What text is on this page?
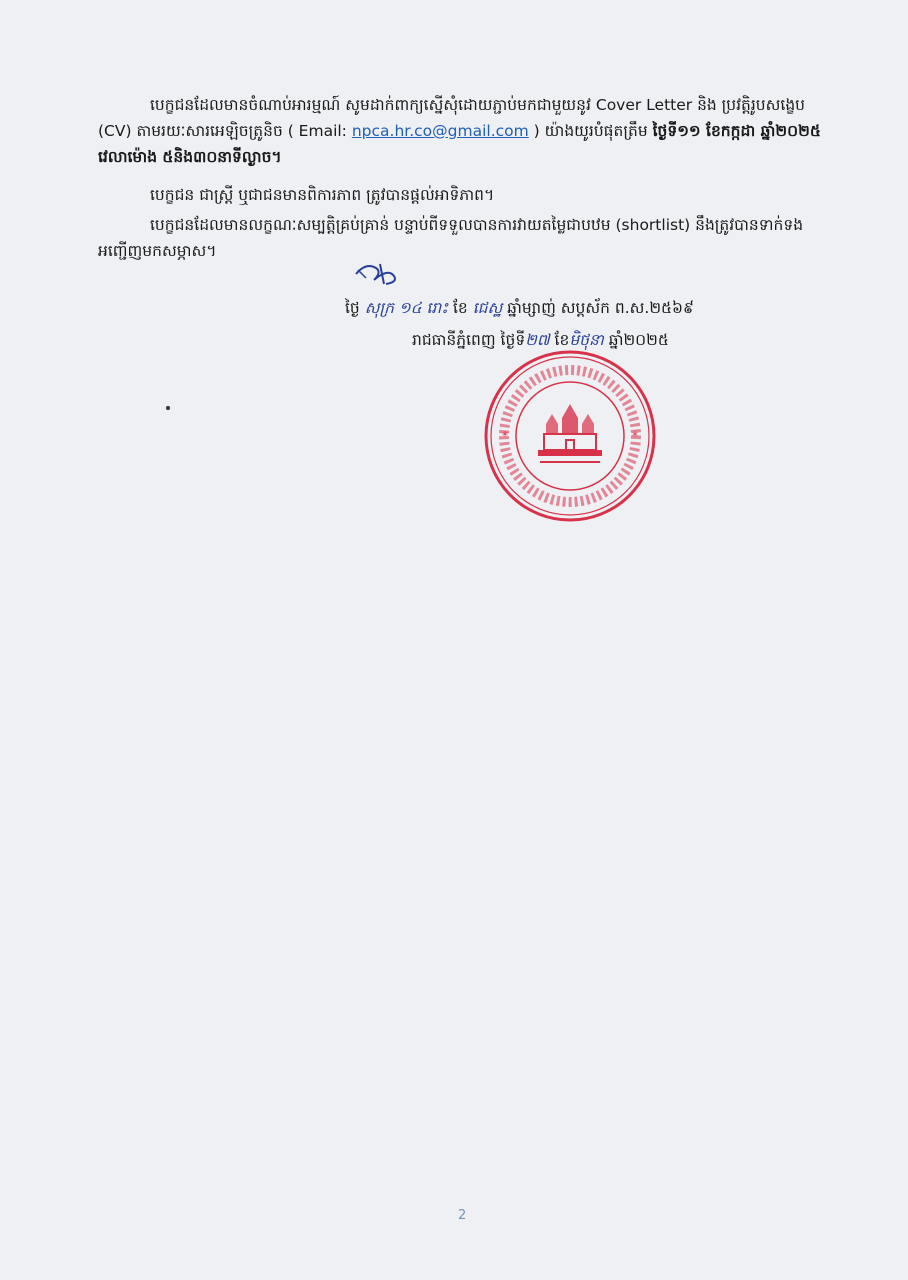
បេក្ខជនដែលមានចំណាប់អារម្មណ៍ សូមដាក់ពាក្យស្នើសុំដោយភ្ជាប់មកជាមួយនូវ Cover Letter និង ប្រវត្តិរូបសង្ខេប (CV) តាមរយៈសារអេឡិចត្រូនិច ( Email: npca.hr.co@gmail.com ) យ៉ាងយូរបំផុតត្រឹម ថ្ងៃទី១១ ខែកក្កដា ឆ្នាំ២០២៥ វេលាម៉ោង ៥និង៣០នាទីល្ងាច។
បេក្ខជន ជាស្ត្រី ឬជាជនមានពិការភាព ត្រូវបានផ្តល់អាទិភាព។
បេក្ខជនដែលមានលក្ខណៈសម្បត្តិគ្រប់គ្រាន់ បន្ទាប់ពីទទួលបានការវាយតម្លៃជាបឋម (shortlist) នឹងត្រូវបានទាក់ទងអញ្ជើញមកសម្ភាស។
ថ្ងៃ សុក្រ ១៤ រោះ ខែ ជេស្ឋ ឆ្នាំម្សាញ់ សប្តស័ក ព.ស.២៥៦៩
រាជធានីភ្នំពេញ ថ្ងៃទី២៧ ខែមិថុនា ឆ្នាំ២០២៥
*	*
2
